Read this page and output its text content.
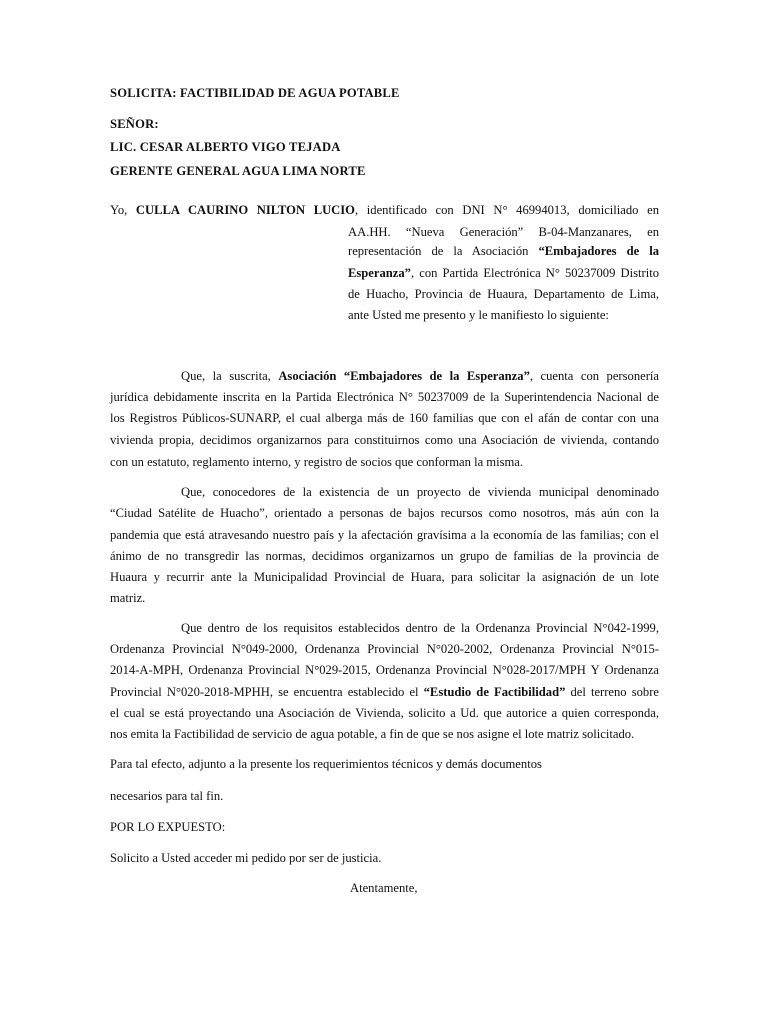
SOLICITA: FACTIBILIDAD DE AGUA POTABLE
SEÑOR:
LIC. CESAR ALBERTO VIGO TEJADA
GERENTE GENERAL AGUA LIMA NORTE
Yo, CULLA CAURINO NILTON LUCIO, identificado con DNI N° 46994013, domiciliado en
AA.HH. “Nueva Generación” B-04-Manzanares, en
representación de la Asociación “Embajadores de la
Esperanza”, con Partida Electrónica N° 50237009 Distrito
de Huacho, Provincia de Huaura, Departamento de Lima,
ante Usted me presento y le manifiesto lo siguiente:
Que, la suscrita, Asociación “Embajadores de la Esperanza”, cuenta con personería
jurídica debidamente inscrita en la Partida Electrónica N° 50237009 de la Superintendencia Nacional de
los Registros Públicos-SUNARP, el cual alberga más de 160 familias que con el afán de contar con una
vivienda propia, decidimos organizarnos para constituirnos como una Asociación de vivienda, contando
con un estatuto, reglamento interno, y registro de socios que conforman la misma.
Que, conocedores de la existencia de un proyecto de vivienda municipal denominado
“Ciudad Satélite de Huacho”, orientado a personas de bajos recursos como nosotros, más aún con la
pandemia que está atravesando nuestro país y la afectación gravísima a la economía de las familias; con el
ánimo de no transgredir las normas, decidimos organizarnos un grupo de familias de la provincia de
Huaura y recurrir ante la Municipalidad Provincial de Huara, para solicitar la asignación de un lote
matriz.
Que dentro de los requisitos establecidos dentro de la Ordenanza Provincial N°042-1999,
Ordenanza Provincial N°049-2000, Ordenanza Provincial N°020-2002, Ordenanza Provincial N°015-
2014-A-MPH, Ordenanza Provincial N°029-2015, Ordenanza Provincial N°028-2017/MPH Y Ordenanza
Provincial N°020-2018-MPHH, se encuentra establecido el “Estudio de Factibilidad” del terreno sobre
el cual se está proyectando una Asociación de Vivienda, solicito a Ud. que autorice a quien corresponda,
nos emita la Factibilidad de servicio de agua potable, a fin de que se nos asigne el lote matriz solicitado.
Para tal efecto, adjunto a la presente los requerimientos técnicos y demás documentos
necesarios para tal fin.
POR LO EXPUESTO:
Solicito a Usted acceder mi pedido por ser de justicia.
Atentamente,
